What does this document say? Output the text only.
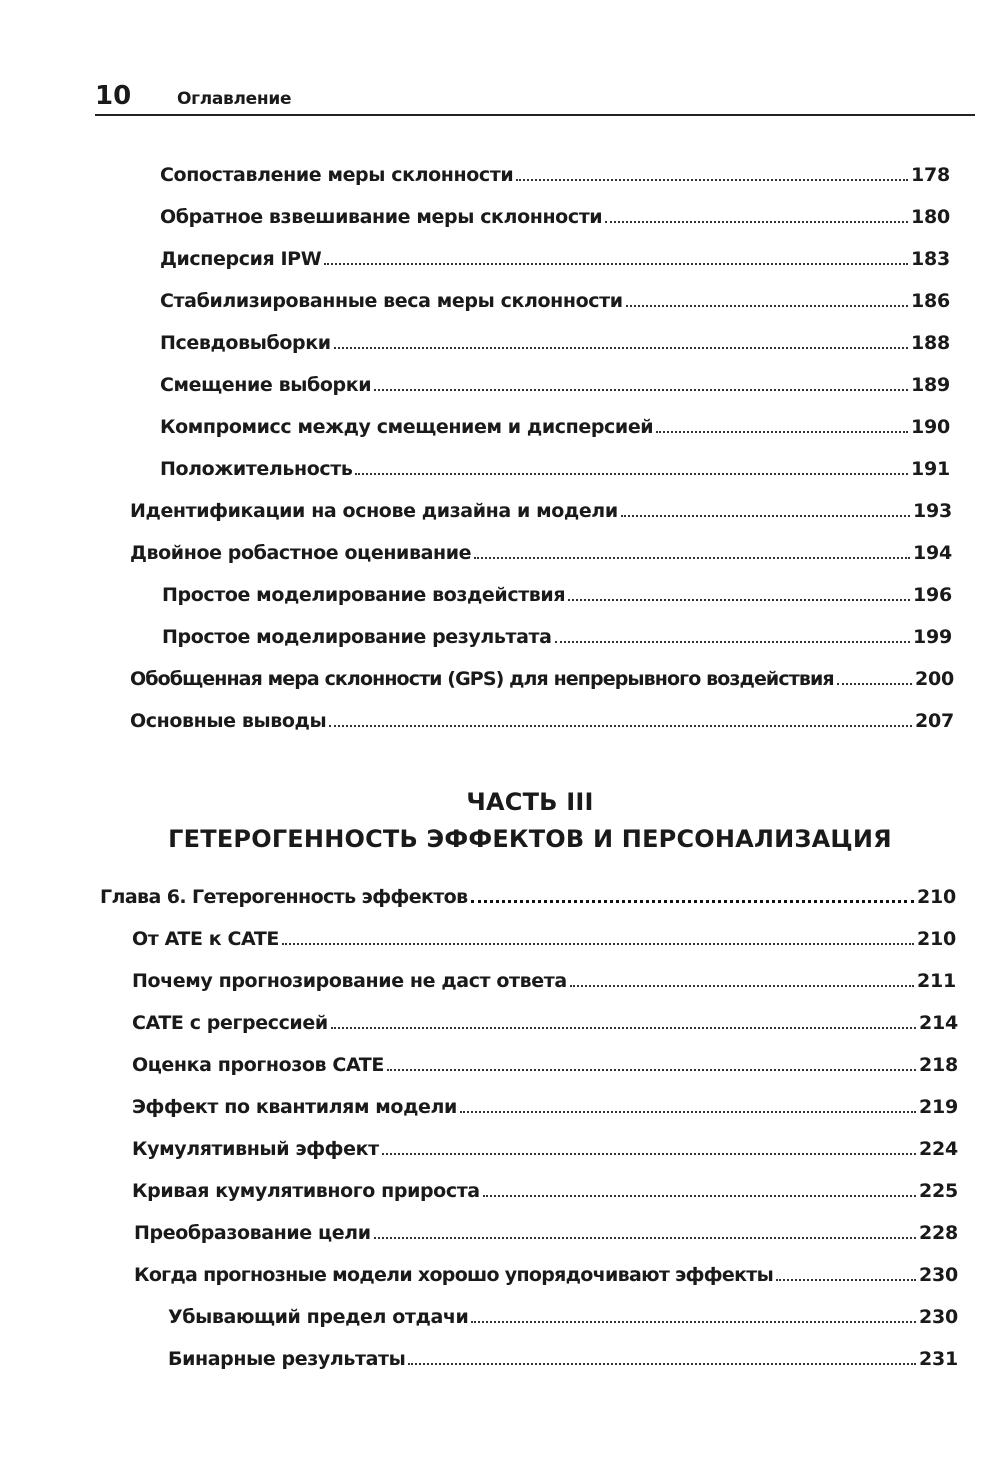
10	Оглавление
Сопоставление меры склонности	178
Обратное взвешивание меры склонности	180
Дисперсия IPW	183
Стабилизированные веса меры склонности	186
Псевдовыборки	188
Смещение выборки	189
Компромисс между смещением и дисперсией	190
Положительность	191
Идентификации на основе дизайна и модели	193
Двойное робастное оценивание	194
Простое моделирование воздействия	196
Простое моделирование результата	199
Обобщенная мера склонности (GPS) для непрерывного воздействия	200
Основные выводы	207
ЧАСТЬ III
ГЕТЕРОГЕННОСТЬ ЭФФЕКТОВ И ПЕРСОНАЛИЗАЦИЯ
Глава 6. Гетерогенность эффектов	210
От ATE к CATE	210
Почему прогнозирование не даст ответа	211
CATE с регрессией	214
Оценка прогнозов CATE	218
Эффект по квантилям модели	219
Кумулятивный эффект	224
Кривая кумулятивного прироста	225
Преобразование цели	228
Когда прогнозные модели хорошо упорядочивают эффекты	230
Убывающий предел отдачи	230
Бинарные результаты	231
